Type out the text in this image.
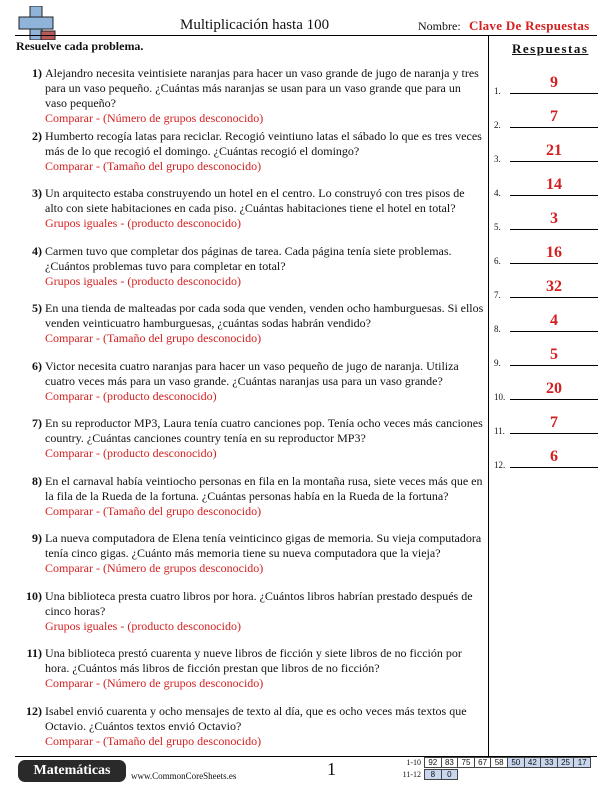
Multiplicación hasta 100	Nombre: Clave De Respuestas
Resuelve cada problema.
1) Alejandro necesita veintisiete naranjas para hacer un vaso grande de jugo de naranja y tres para un vaso pequeño. ¿Cuántas más naranjas se usan para un vaso grande que para un vaso pequeño?
Comparar - (Número de grupos desconocido)
2) Humberto recogía latas para reciclar. Recogió veintiuno latas el sábado lo que es tres veces más de lo que recogió el domingo. ¿Cuántas recogió el domingo?
Comparar - (Tamaño del grupo desconocido)
3) Un arquitecto estaba construyendo un hotel en el centro. Lo construyó con tres pisos de alto con siete habitaciones en cada piso. ¿Cuántas habitaciones tiene el hotel en total?
Grupos iguales - (producto desconocido)
4) Carmen tuvo que completar dos páginas de tarea. Cada página tenía siete problemas. ¿Cuántos problemas tuvo para completar en total?
Grupos iguales - (producto desconocido)
5) En una tienda de malteadas por cada soda que venden, venden ocho hamburguesas. Si ellos venden veinticuatro hamburguesas, ¿cuántas sodas habrán vendido?
Comparar - (Tamaño del grupo desconocido)
6) Victor necesita cuatro naranjas para hacer un vaso pequeño de jugo de naranja. Utiliza cuatro veces más para un vaso grande. ¿Cuántas naranjas usa para un vaso grande?
Comparar - (producto desconocido)
7) En su reproductor MP3, Laura tenía cuatro canciones pop. Tenía ocho veces más canciones country. ¿Cuántas canciones country tenía en su reproductor MP3?
Comparar - (producto desconocido)
8) En el carnaval había veintiocho personas en fila en la montaña rusa, siete veces más que en la fila de la Rueda de la fortuna. ¿Cuántas personas había en la Rueda de la fortuna?
Comparar - (Tamaño del grupo desconocido)
9) La nueva computadora de Elena tenía veinticinco gigas de memoria. Su vieja computadora tenía cinco gigas. ¿Cuánto más memoria tiene su nueva computadora que la vieja?
Comparar - (Número de grupos desconocido)
10) Una biblioteca presta cuatro libros por hora. ¿Cuántos libros habrían prestado después de cinco horas?
Grupos iguales - (producto desconocido)
11) Una biblioteca prestó cuarenta y nueve libros de ficción y siete libros de no ficción por hora. ¿Cuántos más libros de ficción prestan que libros de no ficción?
Comparar - (Número de grupos desconocido)
12) Isabel envió cuarenta y ocho mensajes de texto al día, que es ocho veces más textos que Octavio. ¿Cuántos textos envió Octavio?
Comparar - (Tamaño del grupo desconocido)
Respuestas
1.	9
2.	7
3.	21
4.	14
5.	3
6.	16
7.	32
8.	4
9.	5
10.	20
11.	7
12.	6
Matemáticas	www.CommonCoreSheets.es	1	1-10 92	83	75	67	58	50	42	33	25	17
11-12 8	0
